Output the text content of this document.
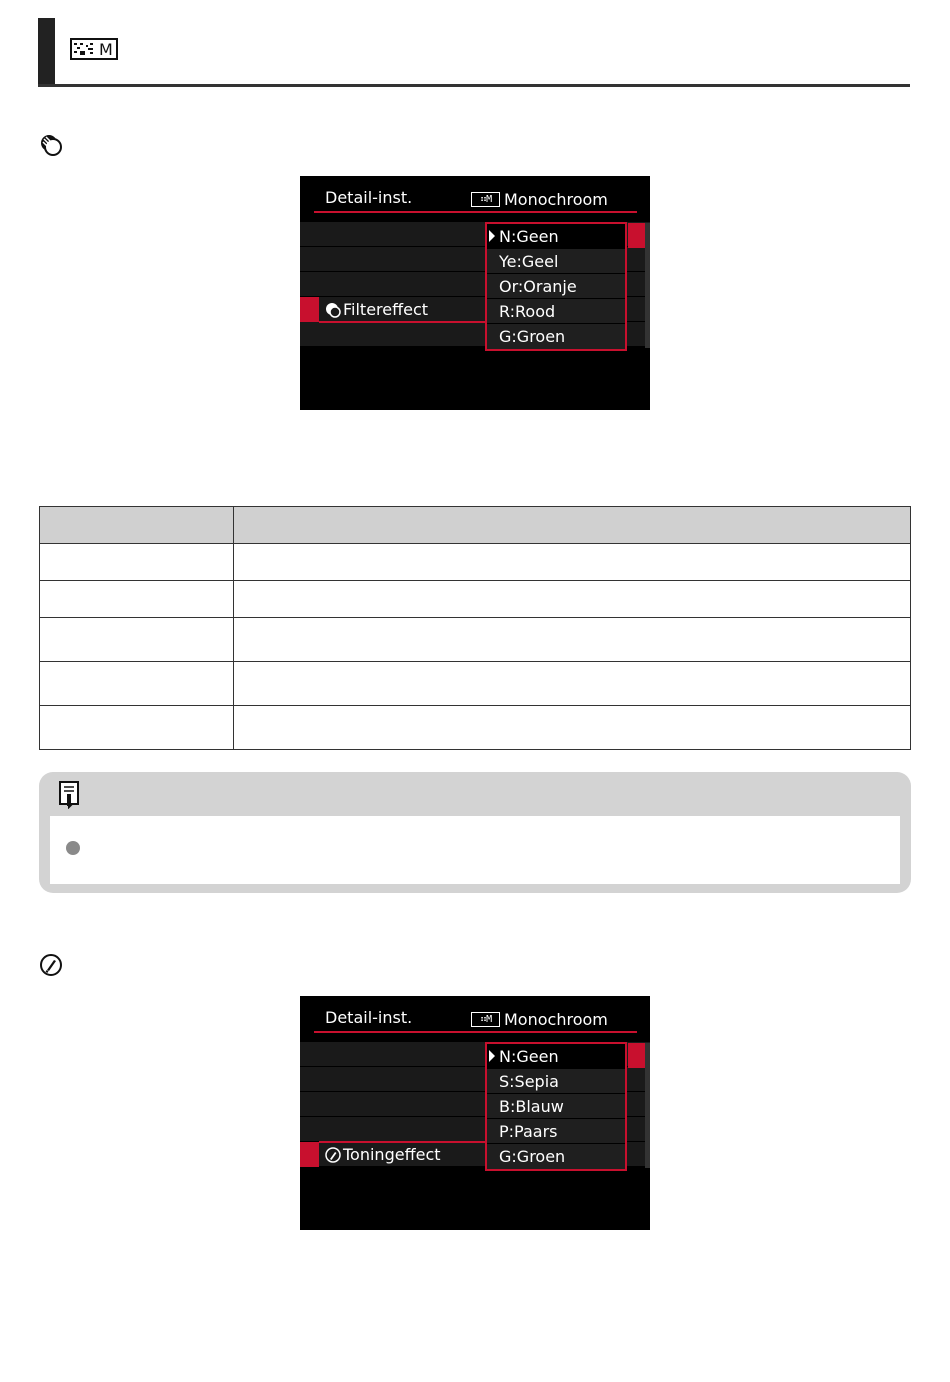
M
Detail-inst.	⠶M Monochroom
Filtereffect
N:Geen
Ye:Geel
Or:Oranje
R:Rood
G:Groen

Detail-inst.	⠶M Monochroom
Toningeffect
N:Geen
S:Sepia
B:Blauw
P:Paars
G:Groen
